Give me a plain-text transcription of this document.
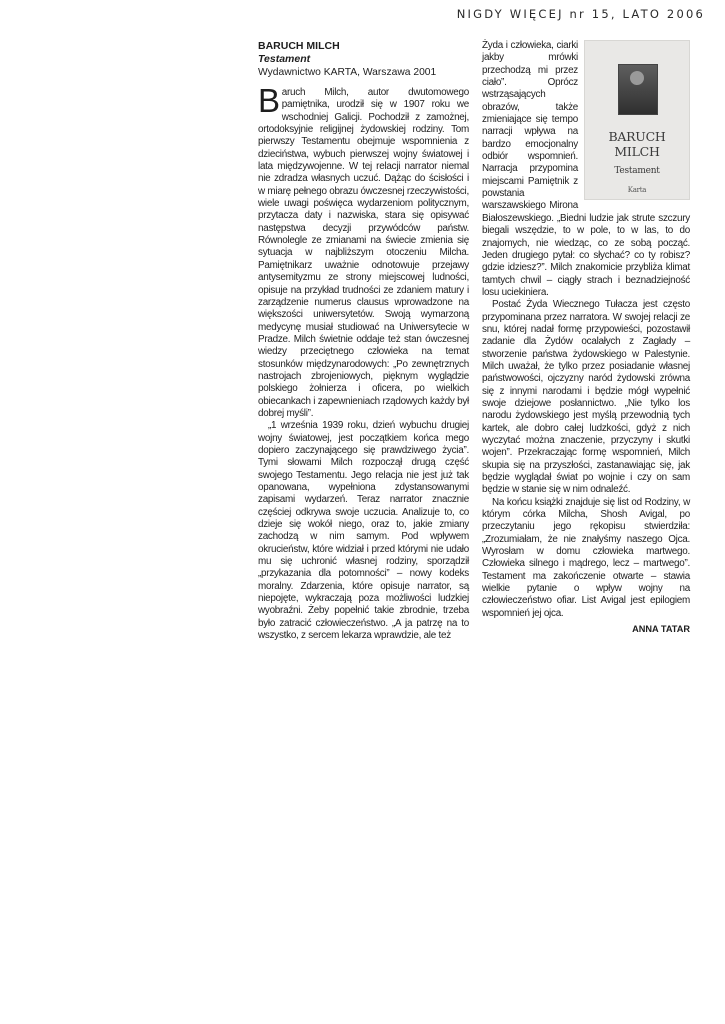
NIGDY WIĘCEJ nr 15, LATO 2006
BARUCH MILCH
Testament
Wydawnictwo KARTA, Warszawa 2001

Baruch Milch, autor dwutomowego pamiętnika, urodził się w 1907 roku we wschodniej Galicji. Pochodził z zamożnej, ortodoksyjnie religijnej żydowskiej rodziny. Tom pierwszy Testamentu obejmuje wspomnienia z dzieciństwa, wybuch pierwszej wojny światowej i lata międzywojenne. W tej relacji narrator niemal nie zdradza własnych uczuć. Dążąc do ścisłości i w miarę pełnego obrazu ówczesnej rzeczywistości, wiele uwagi poświęca wydarzeniom politycznym, przytacza daty i nazwiska, stara się opisywać następstwa decyzji przywódców państw. Równolegle ze zmianami na świecie zmienia się sytuacja w najbliższym otoczeniu Milcha. Pamiętnikarz uważnie odnotowuje przejawy antysemityzmu ze strony miejscowej ludności, opisuje na przykład trudności ze zdaniem matury i zarządzenie numerus clausus wprowadzone na większości uniwersytetów. Swoją wymarzoną medycynę musiał studiować na Uniwersytecie w Pradze. Milch świetnie oddaje też stan ówczesnej wiedzy przeciętnego człowieka na temat stosunków międzynarodowych: „Po zewnętrznych nastrojach zbrojeniowych, pięknym wyglądzie polskiego żołnierza i oficera, po wielkich obiecankach i zapewnieniach rządowych każdy był dobrej myśli”.

„1 września 1939 roku, dzień wybuchu drugiej wojny światowej, jest początkiem końca mego dopiero zaczynającego się prawdziwego życia”. Tymi słowami Milch rozpoczął drugą część swojego Testamentu. Jego relacja nie jest już tak opanowana, wypełniona zdystansowanymi zapisami wydarzeń. Teraz narrator znacznie częściej odkrywa swoje uczucia. Analizuje to, co dzieje się wokół niego, oraz to, jakie zmiany zachodzą w nim samym. Pod wpływem okrucieństw, które widział i przed którymi nie udało mu się uchronić własnej rodziny, sporządził „przykazania dla potomności” – nowy kodeks moralny. Zdarzenia, które opisuje narrator, są niepojęte, wykraczają poza możliwości ludzkiej wyobraźni. Żeby popełnić takie zbrodnie, trzeba było zatracić człowieczeństwo. „A ja patrzę na to wszystko, z sercem lekarza wprawdzie, ale też

BARUCH MILCH
Testament
Karta

Żyda i człowieka, ciarki jakby mrówki przechodzą mi przez ciało”. Oprócz wstrząsających obrazów, także zmieniające się tempo narracji wpływa na bardzo emocjonalny odbiór wspomnień. Narracja przypomina miejscami Pamiętnik z powstania warszawskiego Mirona Białoszewskiego. „Biedni ludzie jak strute szczury biegali wszędzie, to w pole, to w las, to do znajomych, nie wiedząc, co ze sobą począć. Jeden drugiego pytał: co słychać? co ty robisz? gdzie idziesz?”. Milch znakomicie przybliża klimat tamtych chwil – ciągły strach i beznadziejność losu uciekiniera.

Postać Żyda Wiecznego Tułacza jest często przypominana przez narratora. W swojej relacji ze snu, której nadał formę przypowieści, pozostawił zadanie dla Żydów ocalałych z Zagłady – stworzenie państwa żydowskiego w Palestynie. Milch uważał, że tylko przez posiadanie własnej państwowości, ojczyzny naród żydowski zrówna się z innymi narodami i będzie mógł wypełnić swoje dziejowe posłannictwo. „Nie tylko los narodu żydowskiego jest myślą przewodnią tych kartek, ale dobro całej ludzkości, gdyż z nich wyczytać można znaczenie, przyczyny i skutki wojen”. Przekraczając formę wspomnień, Milch skupia się na przyszłości, zastanawiając się, jak będzie wyglądał świat po wojnie i czy on sam będzie w stanie się w nim odnaleźć.

Na końcu książki znajduje się list od Rodziny, w którym córka Milcha, Shosh Avigal, po przeczytaniu jego rękopisu stwierdziła: „Zrozumiałam, że nie znałyśmy naszego Ojca. Wyrosłam w domu człowieka martwego. Człowieka silnego i mądrego, lecz – martwego”. Testament ma zakończenie otwarte – stawia wielkie pytanie o wpływ wojny na człowieczeństwo ofiar. List Avigal jest epilogiem wspomnień jej ojca.

ANNA TATAR
